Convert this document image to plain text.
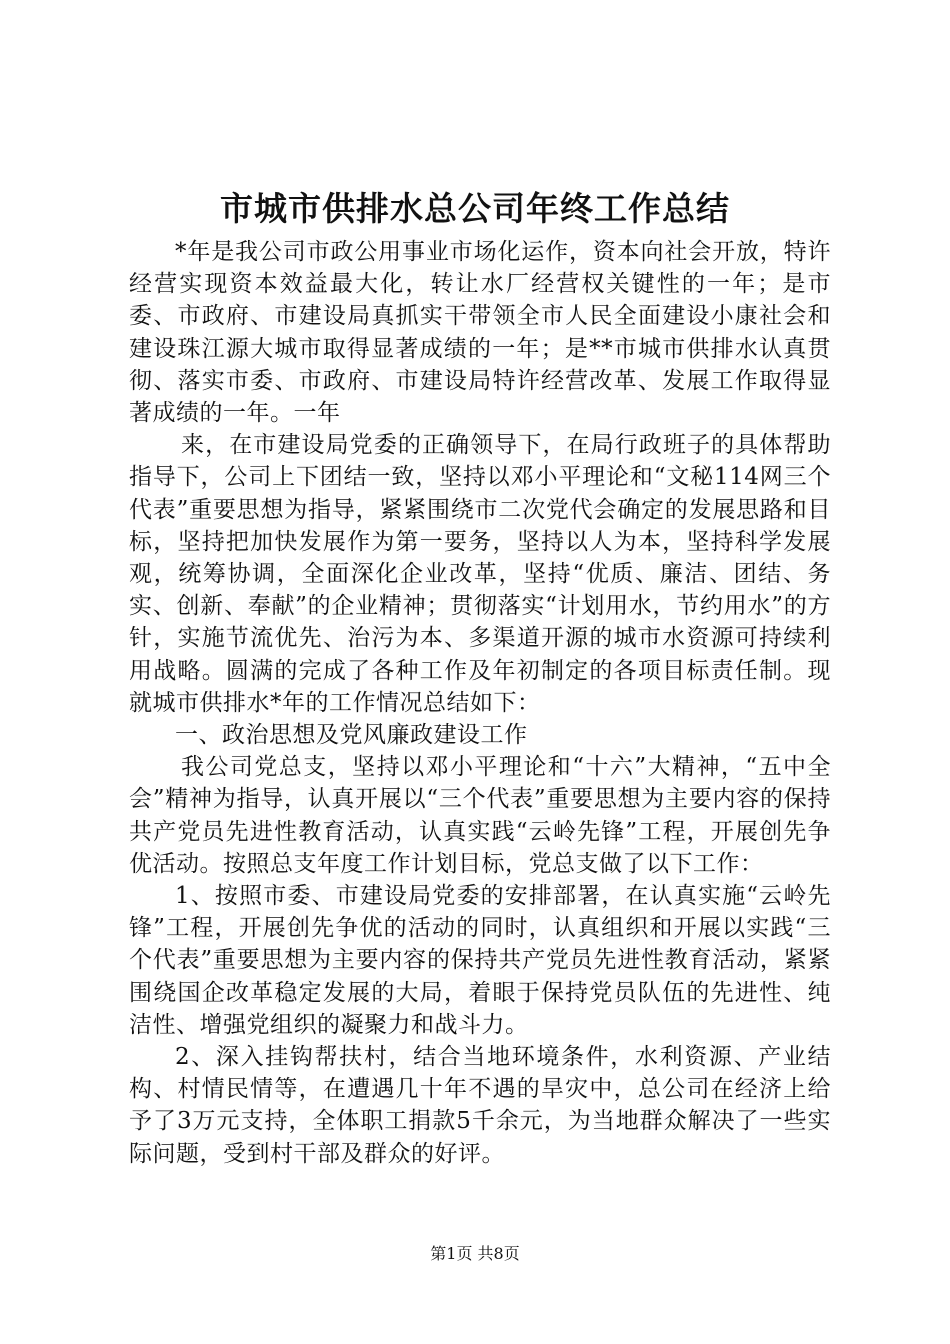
市城市供排水总公司年终工作总结

*年是我公司市政公用事业市场化运作，资本向社会开放，特许经营实现资本效益最大化，转让水厂经营权关键性的一年；是市委、市政府、市建设局真抓实干带领全市人民全面建设小康社会和建设珠江源大城市取得显著成绩的一年；是**市城市供排水认真贯彻、落实市委、市政府、市建设局特许经营改革、发展工作取得显著成绩的一年。一年

来，在市建设局党委的正确领导下，在局行政班子的具体帮助指导下，公司上下团结一致，坚持以邓小平理论和“文秘114网三个代表”重要思想为指导，紧紧围绕市二次党代会确定的发展思路和目标，坚持把加快发展作为第一要务，坚持以人为本，坚持科学发展观，统筹协调，全面深化企业改革，坚持“优质、廉洁、团结、务实、创新、奉献”的企业精神；贯彻落实“计划用水，节约用水”的方针，实施节流优先、治污为本、多渠道开源的城市水资源可持续利用战略。圆满的完成了各种工作及年初制定的各项目标责任制。现就城市供排水*年的工作情况总结如下：

一、政治思想及党风廉政建设工作

我公司党总支，坚持以邓小平理论和“十六”大精神，“五中全会”精神为指导，认真开展以“三个代表”重要思想为主要内容的保持共产党员先进性教育活动，认真实践“云岭先锋”工程，开展创先争优活动。按照总支年度工作计划目标，党总支做了以下工作：

1、按照市委、市建设局党委的安排部署，在认真实施“云岭先锋”工程，开展创先争优的活动的同时，认真组织和开展以实践“三个代表”重要思想为主要内容的保持共产党员先进性教育活动，紧紧围绕国企改革稳定发展的大局，着眼于保持党员队伍的先进性、纯洁性、增强党组织的凝聚力和战斗力。

2、深入挂钩帮扶村，结合当地环境条件，水利资源、产业结构、村情民情等，在遭遇几十年不遇的旱灾中，总公司在经济上给予了3万元支持，全体职工捐款5千余元，为当地群众解决了一些实际问题，受到村干部及群众的好评。

第1页 共8页
